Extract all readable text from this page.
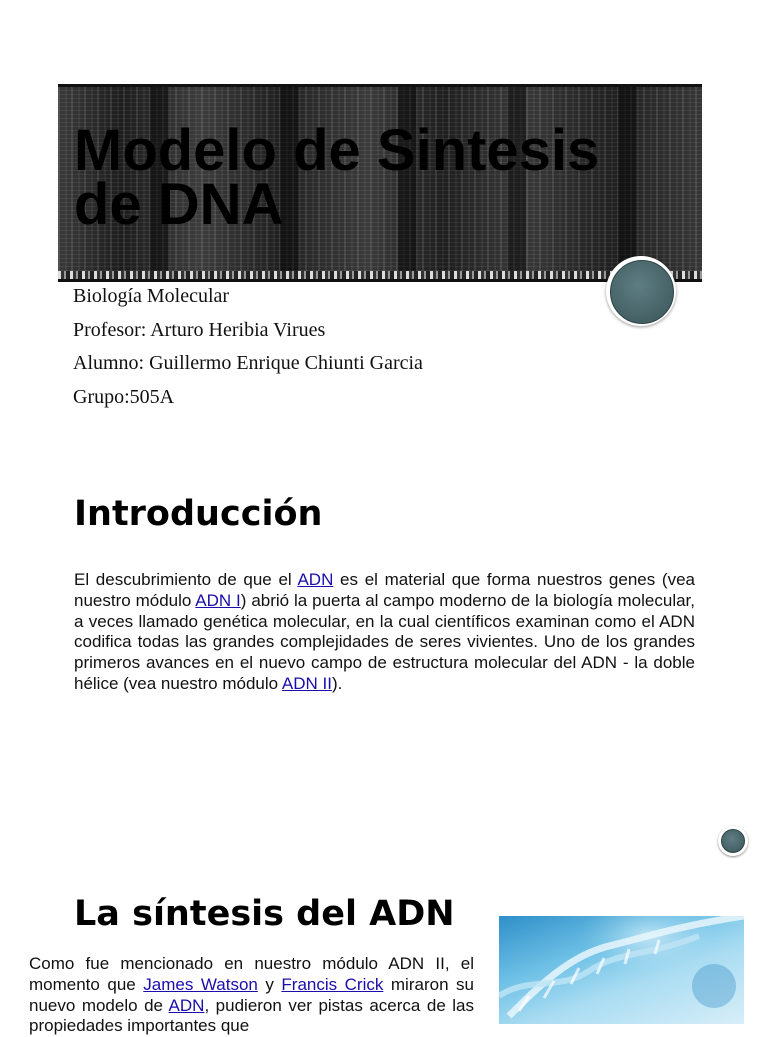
Modelo de Sintesis
de DNA
Biología Molecular
Profesor: Arturo Heribia Virues
Alumno: Guillermo Enrique Chiunti Garcia
Grupo:505A
Introducción

El descubrimiento de que el ADN es el material que forma nuestros genes (vea nuestro módulo ADN I) abrió la puerta al campo moderno de la biología molecular, a veces llamado genética molecular, en la cual científicos examinan como el ADN codifica todas las grandes complejidades de seres vivientes. Uno de los grandes primeros avances en el nuevo campo de estructura molecular del ADN - la doble hélice (vea nuestro módulo ADN II).

La síntesis del ADN

Como fue mencionado en nuestro módulo ADN II, el momento que James Watson y Francis Crick miraron su nuevo modelo de ADN, pudieron ver pistas acerca de las propiedades importantes que
